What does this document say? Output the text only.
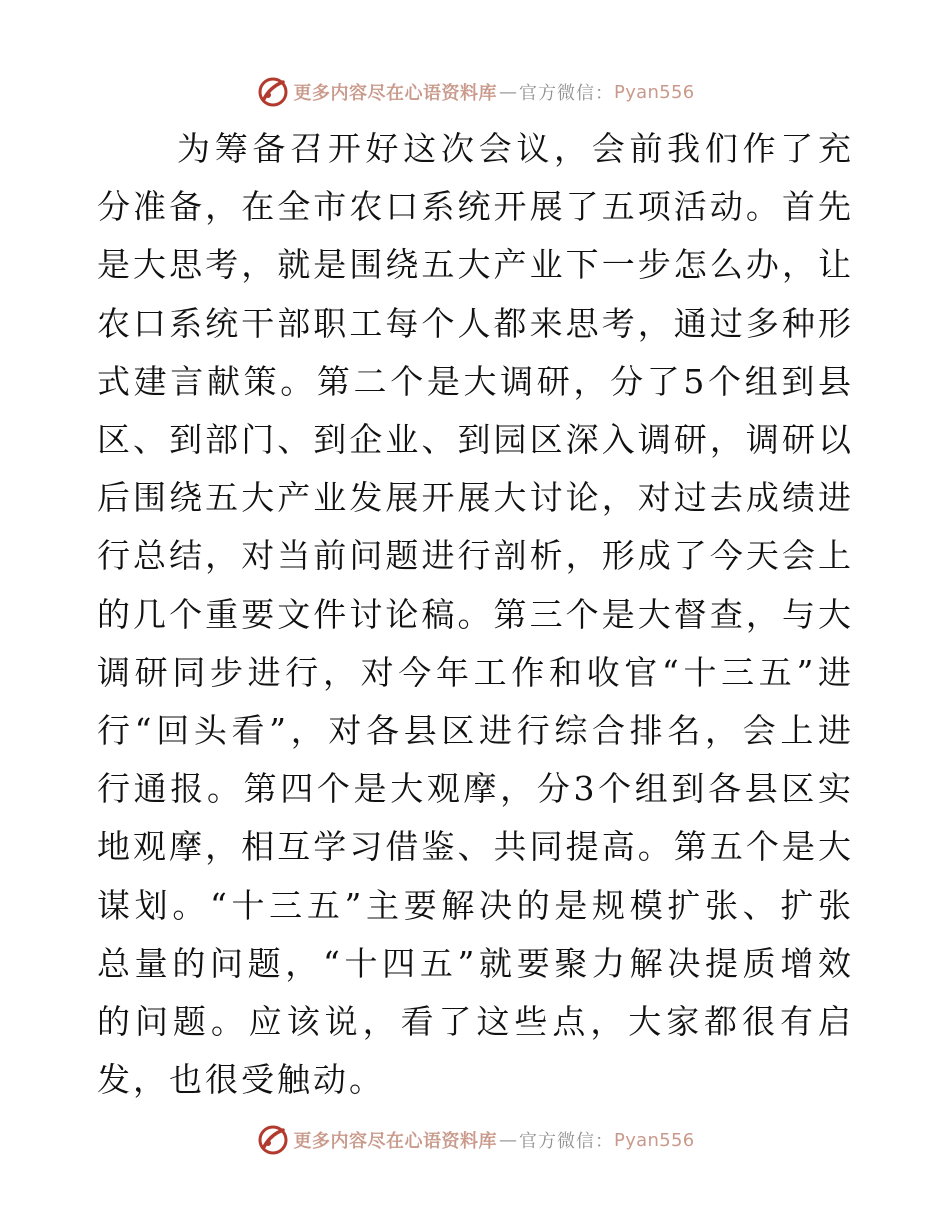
更多内容尽在心语资料库 — 官方微信： Pyan556

为筹备召开好这次会议，会前我们作了充分准备，在全市农口系统开展了五项活动。首先是大思考，就是围绕五大产业下一步怎么办，让农口系统干部职工每个人都来思考，通过多种形式建言献策。第二个是大调研，分了5个组到县区、到部门、到企业、到园区深入调研，调研以后围绕五大产业发展开展大讨论，对过去成绩进行总结，对当前问题进行剖析，形成了今天会上的几个重要文件讨论稿。第三个是大督查，与大调研同步进行，对今年工作和收官“十三五”进行“回头看”，对各县区进行综合排名，会上进行通报。第四个是大观摩，分3个组到各县区实地观摩，相互学习借鉴、共同提高。第五个是大谋划。“十三五”主要解决的是规模扩张、扩张总量的问题，“十四五”就要聚力解决提质增效的问题。应该说，看了这些点，大家都很有启发，也很受触动。

更多内容尽在心语资料库 — 官方微信： Pyan556
